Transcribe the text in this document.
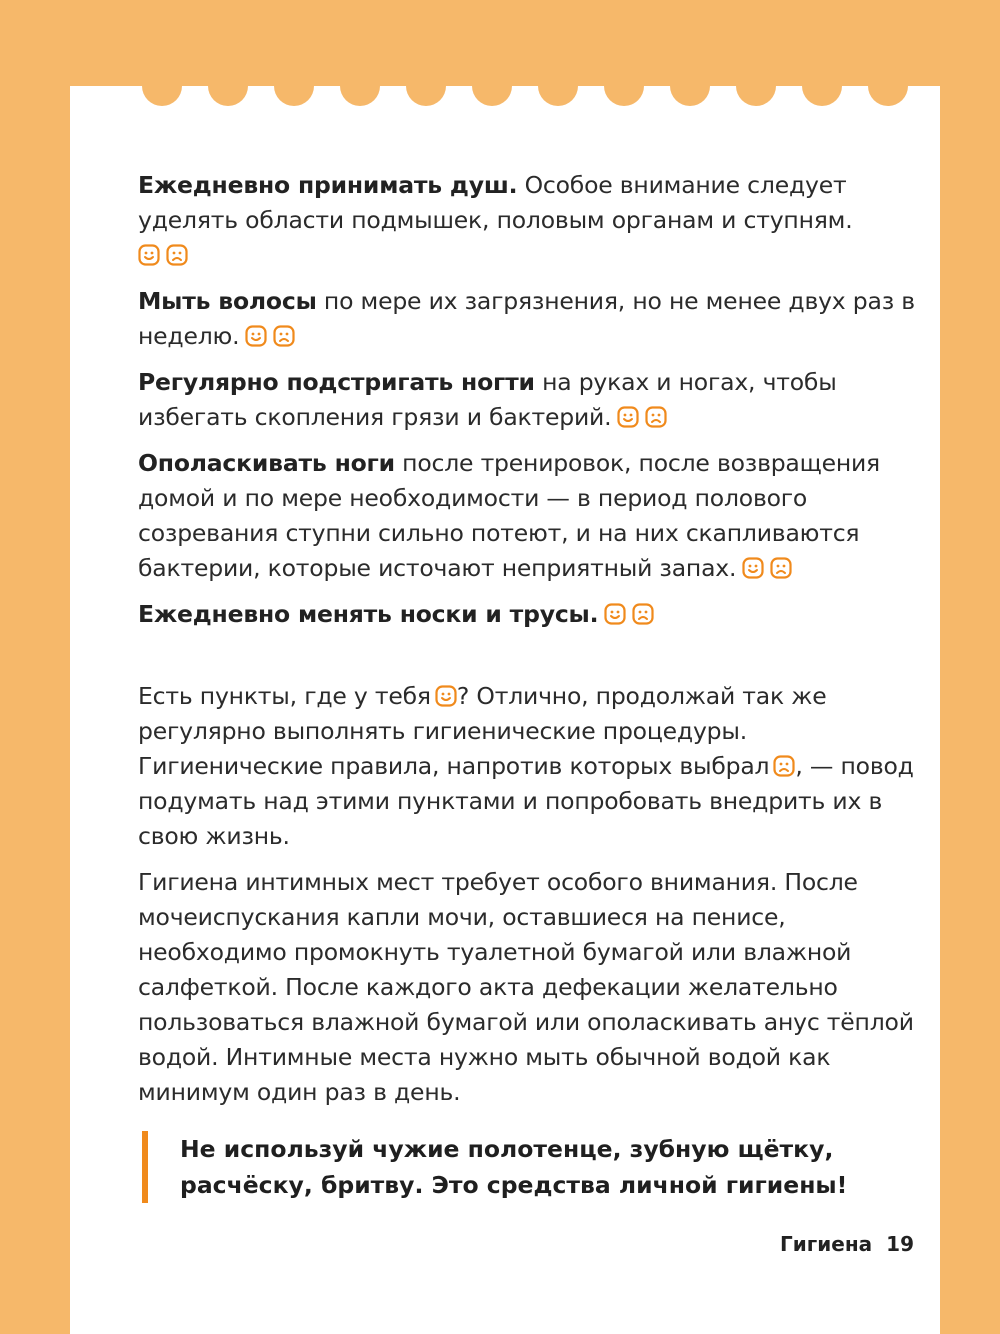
Ежедневно принимать душ. Особое внимание следует уделять области подмышек, половым органам и ступням.

Мыть волосы по мере их загрязнения, но не менее двух раз в неделю.

Регулярно подстригать ногти на руках и ногах, чтобы избегать скопления грязи и бактерий.

Ополаскивать ноги после тренировок, после возвращения домой и по мере необходимости — в период полового созревания ступни сильно потеют, и на них скапливаются бактерии, которые источают неприятный запах.

Ежедневно менять носки и трусы.

Есть пункты, где у тебя ? Отлично, продолжай так же регулярно выполнять гигиенические процедуры. Гигиенические правила, напротив которых выбрал , — повод подумать над этими пунктами и попробовать внедрить их в свою жизнь.

Гигиена интимных мест требует особого внимания. После мочеиспускания капли мочи, оставшиеся на пенисе, необходимо промокнуть туалетной бумагой или влажной салфеткой. После каждого акта дефекации желательно пользоваться влажной бумагой или ополаскивать анус тёплой водой. Интимные места нужно мыть обычной водой как минимум один раз в день.

Не используй чужие полотенце, зубную щётку, расчёску, бритву. Это средства личной гигиены!
Гигиена 19
